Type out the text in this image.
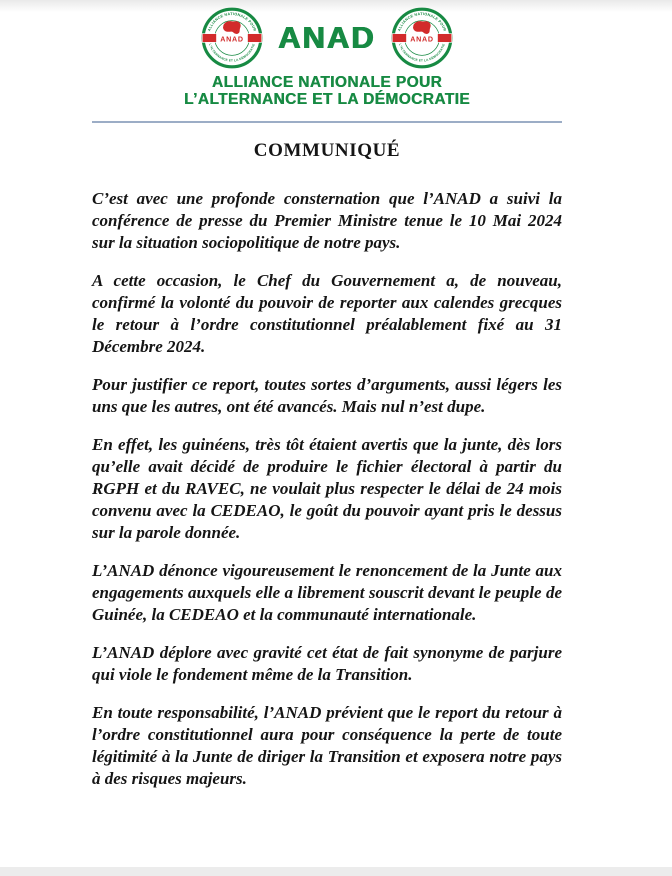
ALLIANCE NATIONALE POUR
L’ALTERNANCE ET LA DÉMOCRATIE
ANAD ANAD	ALLIANCE NATIONALE POUR
L’ALTERNANCE ET LA DÉMOCRATIE
ANAD
ALLIANCE NATIONALE POUR
L’ALTERNANCE ET LA DÉMOCRATIE
COMMUNIQUÉ

C’est avec une profonde consternation que l’ANAD a suivi la conférence de presse du Premier Ministre tenue le 10 Mai 2024 sur la situation sociopolitique de notre pays.

A cette occasion, le Chef du Gouvernement a, de nouveau, confirmé la volonté du pouvoir de reporter aux calendes grecques le retour à l’ordre constitutionnel préalablement fixé au 31 Décembre 2024.

Pour justifier ce report, toutes sortes d’arguments, aussi légers les uns que les autres, ont été avancés. Mais nul n’est dupe.

En effet, les guinéens, très tôt étaient avertis que la junte, dès lors qu’elle avait décidé de produire le fichier électoral à partir du RGPH et du RAVEC, ne voulait plus respecter le délai de 24 mois convenu avec la CEDEAO, le goût du pouvoir ayant pris le dessus sur la parole donnée.

L’ANAD dénonce vigoureusement le renoncement de la Junte aux engagements auxquels elle a librement souscrit devant le peuple de Guinée, la CEDEAO et la communauté internationale.

L’ANAD déplore avec gravité cet état de fait synonyme de parjure qui viole le fondement même de la Transition.

En toute responsabilité, l’ANAD prévient que le report du retour à l’ordre constitutionnel aura pour conséquence la perte de toute légitimité à la Junte de diriger la Transition et exposera notre pays à des risques majeurs.
